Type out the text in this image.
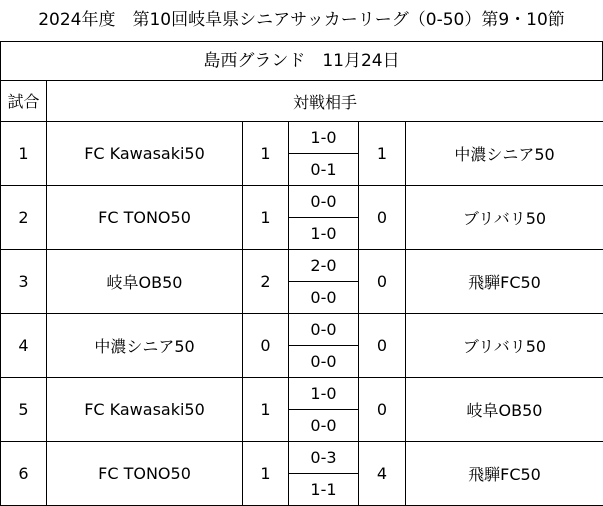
2024年度　第10回岐阜県シニアサッカーリーグ（0-50）第9・10節
島西グランド　11月24日
試合	対戦相手				
1	FC Kawasaki50	1	1-0	1	中濃シニア50
			0-1		
2	FC TONO50	1	0-0	0	ブリバリ50
			1-0		
3	岐阜OB50	2	2-0	0	飛騨FC50
			0-0		
4	中濃シニア50	0	0-0	0	ブリバリ50
			0-0		
5	FC Kawasaki50	1	1-0	0	岐阜OB50
			0-0		
6	FC TONO50	1	0-3	4	飛騨FC50
			1-1		
